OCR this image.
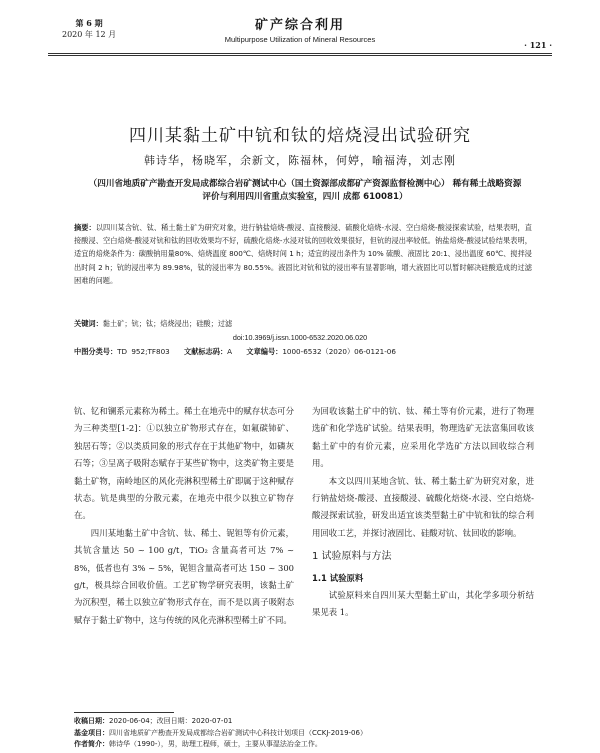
第 6 期
2020 年 12 月
矿产综合利用
Multipurpose Utilization of Mineral Resources
· 121 ·
四川某黏土矿中钪和钛的焙烧浸出试验研究
韩诗华，杨晓军，余新文，陈福林，何婷，喻福涛，刘志刚
（四川省地质矿产勘查开发局成都综合岩矿测试中心（国土资源部成都矿产资源监督检测中心） 稀有稀土战略资源评价与利用四川省重点实验室，四川 成都 610081）
摘要：以四川某含钪、钛、稀土黏土矿为研究对象，进行钠盐焙烧-酸浸、直接酸浸、硫酸化焙烧-水浸、空白焙烧-酸浸探索试验，结果表明，直接酸浸、空白焙烧-酸浸对钪和钛的回收效果均不好，硫酸化焙烧-水浸对钛的回收效果很好，但钪的浸出率较低。钠盐焙烧-酸浸试验结果表明，适宜的焙烧条件为：碳酸钠用量80%、焙烧温度 800℃、焙烧时间 1 h；适宜的浸出条件为 10% 硫酸、液固比 20:1、浸出温度 60℃、搅拌浸出时间 2 h；钪的浸出率为 89.98%，钛的浸出率为 80.55%。液固比对钪和钛的浸出率有显著影响，增大液固比可以暂时解决硅酸造成的过滤困难的问题。
关键词：黏土矿；钪；钛；焙烧浸出；硅酸；过滤
doi:10.3969/j.issn.1000-6532.2020.06.020
中图分类号：TD 952;TF803 文献标志码：A 文章编号：1000-6532（2020）06-0121-06

钪、钇和镧系元素称为稀土。稀土在地壳中的赋存状态可分为三种类型[1-2]：①以独立矿物形式存在，如氟碳铈矿、独居石等；②以类质同象的形式存在于其他矿物中，如磷灰石等；③呈离子吸附态赋存于某些矿物中，这类矿物主要是黏土矿物，南岭地区的风化壳淋积型稀土矿即属于这种赋存状态。钪是典型的分散元素，在地壳中很少以独立矿物存在。

四川某地黏土矿中含钪、钛、稀土、铌钽等有价元素，其钪含量达 50 ~ 100 g/t，TiO₂ 含量高者可达 7% ~ 8%，低者也有 3% ~ 5%，铌钽含量高者可达 150 ~ 300 g/t，极具综合回收价值。工艺矿物学研究表明，该黏土矿为沉积型，稀土以独立矿物形式存在，而不是以离子吸附态赋存于黏土矿物中，这与传统的风化壳淋积型稀土矿不同。

为回收该黏土矿中的钪、钛、稀土等有价元素，进行了物理选矿和化学选矿试验。结果表明，物理选矿无法富集回收该黏土矿中的有价元素，应采用化学选矿方法以回收综合利用。

本文以四川某地含钪、钛、稀土黏土矿为研究对象，进行钠盐焙烧-酸浸、直接酸浸、硫酸化焙烧-水浸、空白焙烧-酸浸探索试验，研发出适宜该类型黏土矿中钪和钛的综合利用回收工艺，并探讨液固比、硅酸对钪、钛回收的影响。

1 试验原料与方法
1.1 试验原料

试验原料来自四川某大型黏土矿山，其化学多项分析结果见表 1。

收稿日期：2020-06-04；改回日期：2020-07-01
基金项目：四川省地质矿产勘查开发局成都综合岩矿测试中心科技计划项目（CCKJ-2019-06）
作者简介：韩诗华（1990-），男，助理工程师，硕士，主要从事湿法冶金工作。
